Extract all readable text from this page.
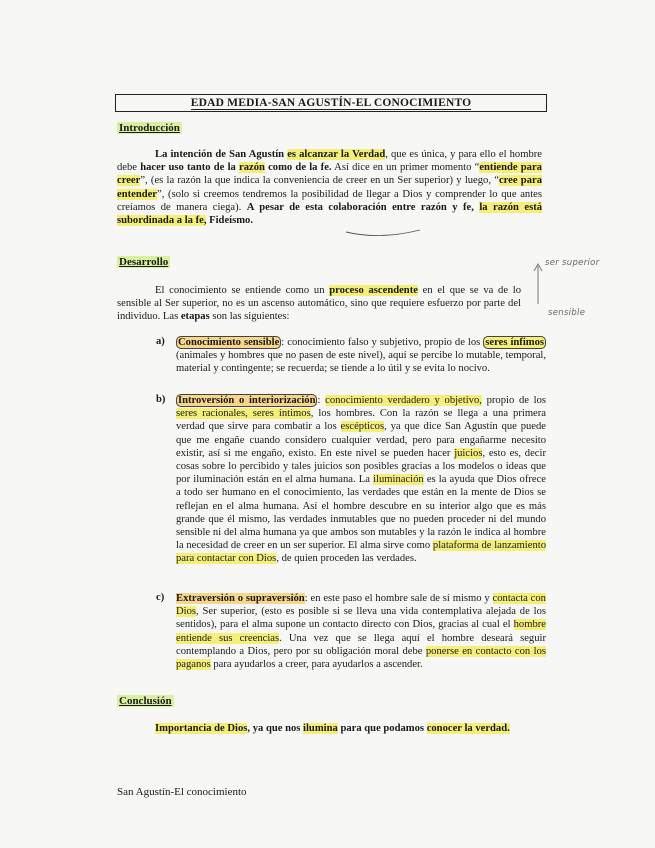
EDAD MEDIA-SAN AGUSTÍN-EL CONOCIMIENTO
Introducción
La intención de San Agustín es alcanzar la Verdad, que es única, y para ello el hombre debe hacer uso tanto de la razón como de la fe. Así dice en un primer momento “entiende para creer”, (es la razón la que indica la conveniencia de creer en un Ser superior) y luego, “cree para entender”, (solo si creemos tendremos la posibilidad de llegar a Dios y comprender lo que antes creíamos de manera ciega). A pesar de esta colaboración entre razón y fe, la razón está subordinada a la fe, Fideísmo.
Desarrollo
El conocimiento se entiende como un proceso ascendente en el que se va de lo sensible al Ser superior, no es un ascenso automático, sino que requiere esfuerzo por parte del individuo. Las etapas son las siguientes:
ser superior
sensible
a) Conocimiento sensible : conocimiento falso y subjetivo, propio de los seres ínfimos (animales y hombres que no pasen de este nivel), aquí se percibe lo mutable, temporal, material y contingente; se recuerda; se tiende a lo útil y se evita lo nocivo.
b) Introversión o interiorización : conocimiento verdadero y objetivo, propio de los seres racionales, seres íntimos, los hombres. Con la razón se llega a una primera verdad que sirve para combatir a los escépticos, ya que dice San Agustín que puede que me engañe cuando considero cualquier verdad, pero para engañarme necesito existir, así si me engaño, existo. En este nivel se pueden hacer juicios, esto es, decir cosas sobre lo percibido y tales juicios son posibles gracias a los modelos o ideas que por iluminación están en el alma humana. La iluminación es la ayuda que Dios ofrece a todo ser humano en el conocimiento, las verdades que están en la mente de Dios se reflejan en el alma humana. Así el hombre descubre en su interior algo que es más grande que él mismo, las verdades inmutables que no pueden proceder ni del mundo sensible ni del alma humana ya que ambos son mutables y la razón le indica al hombre la necesidad de creer en un ser superior. El alma sirve como plataforma de lanzamiento para contactar con Dios, de quien proceden las verdades.
c) Extraversión o supraversión: en este paso el hombre sale de sí mismo y contacta con Dios, Ser superior, (esto es posible si se lleva una vida contemplativa alejada de los sentidos), para el alma supone un contacto directo con Dios, gracias al cual el hombre entiende sus creencias. Una vez que se llega aquí el hombre deseará seguir contemplando a Dios, pero por su obligación moral debe ponerse en contacto con los paganos para ayudarlos a creer, para ayudarlos a ascender.
Conclusión
Importancia de Dios, ya que nos ilumina para que podamos conocer la verdad.
San Agustín-El conocimiento
